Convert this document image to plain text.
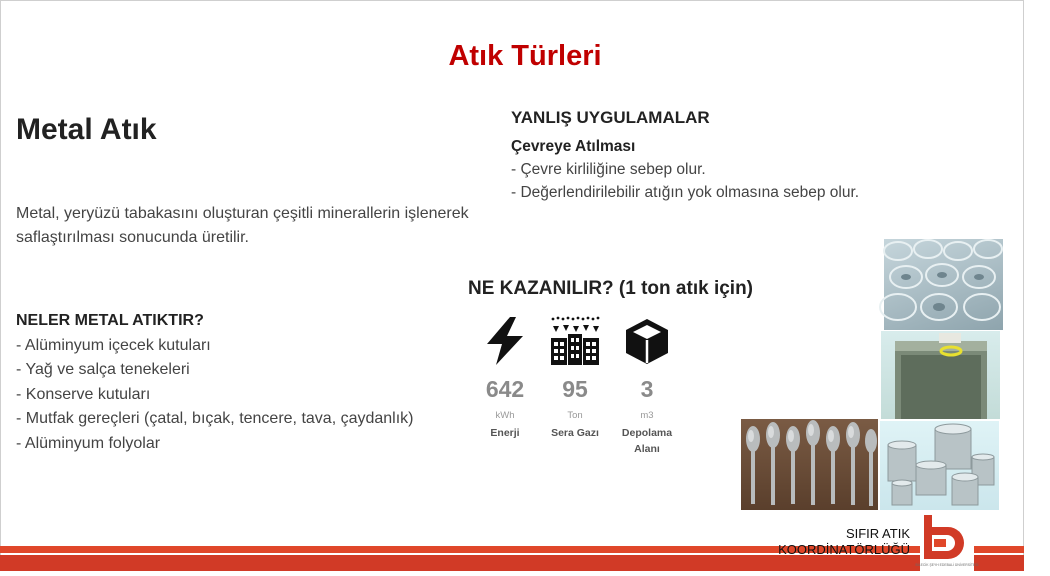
Atık Türleri
Metal Atık
Metal, yeryüzü tabakasını oluşturan çeşitli minerallerin işlenerek saflaştırılması sonucunda üretilir.
NELER METAL ATIKTIR?
- Alüminyum içecek kutuları
- Yağ ve salça tenekeleri
- Konserve kutuları
- Mutfak gereçleri (çatal, bıçak, tencere, tava, çaydanlık)
- Alüminyum folyolar
YANLIŞ UYGULAMALAR
Çevreye Atılması
- Çevre kirliliğine sebep olur.
- Değerlendirilebilir atığın yok olmasına sebep olur.
NE KAZANILIR? (1 ton atık için)
642
kWh
Enerji
95
Ton
Sera Gazı
3
m3
Depolama Alanı
SIFIR ATIK
KOORDİNATÖRLÜĞÜ
BİLECİK ŞEYH EDEBALİ ÜNİVERSİTESİ
